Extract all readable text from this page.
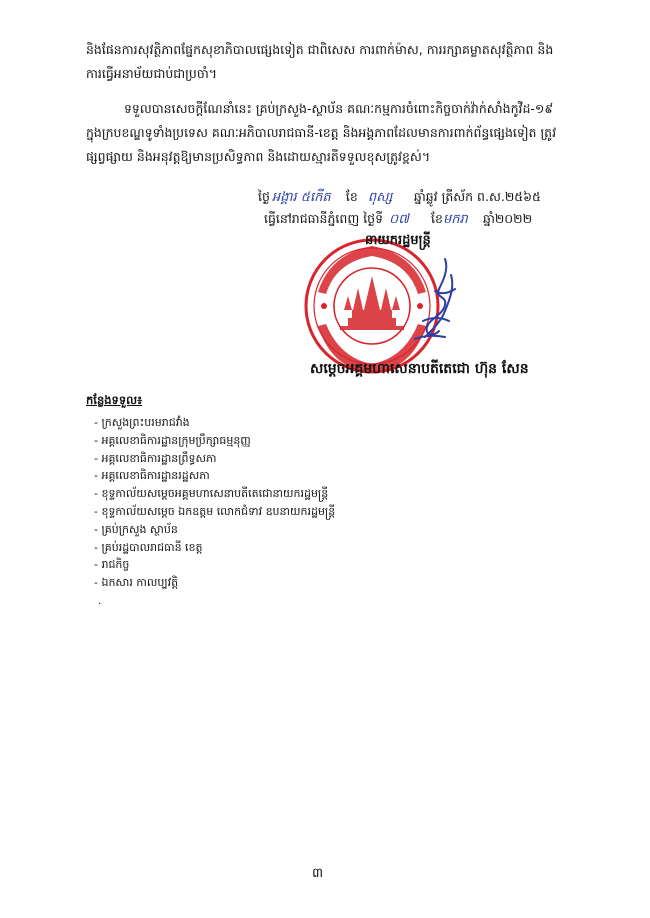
និងផែនការសុវត្ថិភាពផ្នែកសុខាភិបាលផ្សេងទៀត ជាពិសេស ការពាក់ម៉ាស, ការរក្សាគម្លាតសុវត្ថិភាព និង
ការធ្វើអនាម័យជាប់ជាប្រចាំ។
ទទួលបានសេចក្ដីណែនាំនេះ គ្រប់ក្រសួង-ស្ថាប័ន គណៈកម្មការចំពោះកិច្ចចាក់វ៉ាក់សាំងកូវីដ-១៩
ក្នុងក្របខណ្ឌទូទាំងប្រទេស គណៈអភិបាលរាជធានី-ខេត្ត និងអង្គភាពដែលមានការពាក់ព័ន្ធផ្សេងទៀត ត្រូវ
ផ្សព្វផ្សាយ និងអនុវត្តឱ្យមានប្រសិទ្ធភាព និងដោយស្មារតីទទួលខុសត្រូវខ្ពស់។
ថ្ងៃ អង្គារ ៥កើត	ខែ ពុស្ស	ឆ្នាំឆ្លូវ ត្រីស័ក ព.ស.២៥៦៥
ធ្វើនៅរាជធានីភ្នំពេញ ថ្ងៃទី ០៧	ខែ មករា	ឆ្នាំ២០២២
នាយករដ្ឋមន្ត្រី
សម្តេចអគ្គមហាសេនាបតីតេជោ ហ៊ុន សែន
កន្លែងទទួល៖
- ក្រសួងព្រះបរមរាជវាំង
- អគ្គលេខាធិការដ្ឋានក្រុមប្រឹក្សាធម្មនុញ្ញ
- អគ្គលេខាធិការដ្ឋានព្រឹទ្ធសភា
- អគ្គលេខាធិការដ្ឋានរដ្ឋសភា
- ខុទ្ទកាល័យសម្ដេចអគ្គមហាសេនាបតីតេជោនាយករដ្ឋមន្ត្រី
- ខុទ្ទកាល័យសម្ដេច ឯកឧត្តម លោកជំទាវ ឧបនាយករដ្ឋមន្ត្រី
- គ្រប់ក្រសួង ស្ថាប័ន
- គ្រប់រដ្ឋបាលរាជធានី ខេត្ត
- រាជកិច្ច
- ឯកសារ កាលប្បវត្តិ
.
៣
